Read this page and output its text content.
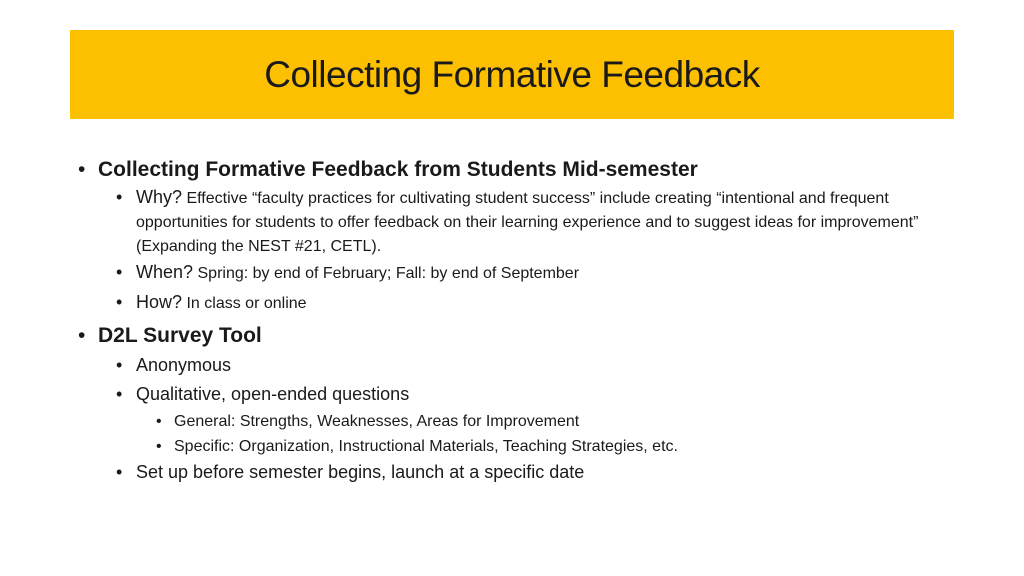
Collecting Formative Feedback
• Collecting Formative Feedback from Students Mid-semester
• Why? Effective “faculty practices for cultivating student success” include creating “intentional and frequent opportunities for students to offer feedback on their learning experience and to suggest ideas for improvement” (Expanding the NEST #21, CETL).
• When? Spring: by end of February; Fall: by end of September
• How? In class or online
• D2L Survey Tool
• Anonymous
• Qualitative, open-ended questions
• General: Strengths, Weaknesses, Areas for Improvement
• Specific: Organization, Instructional Materials, Teaching Strategies, etc.
• Set up before semester begins, launch at a specific date
